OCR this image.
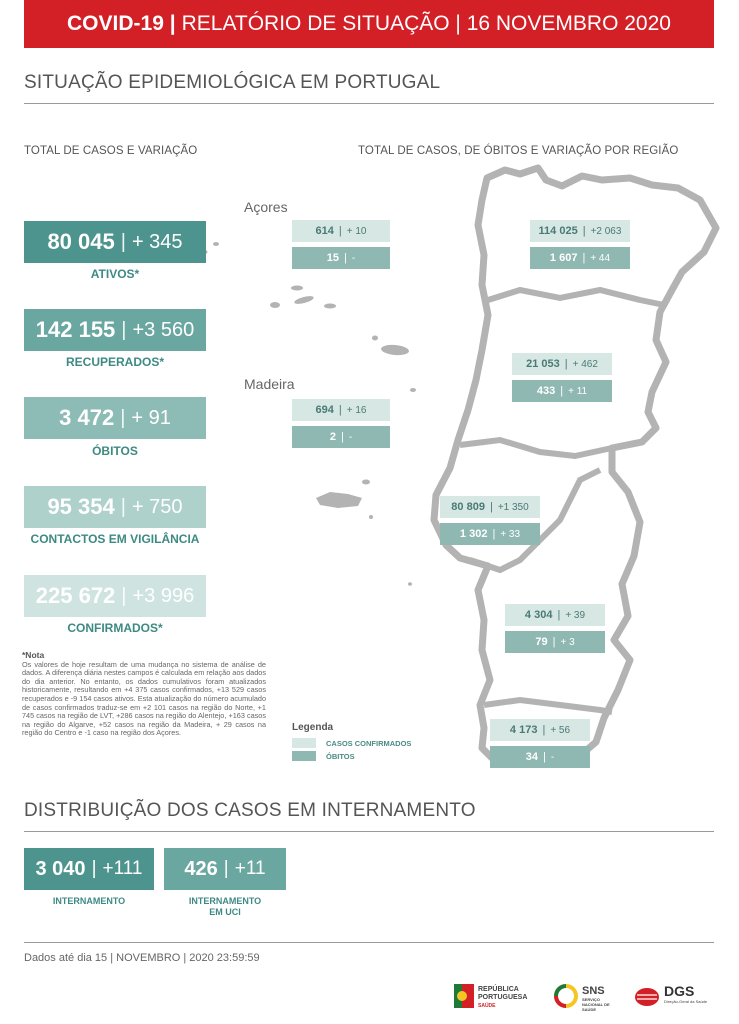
COVID-19 | RELATÓRIO DE SITUAÇÃO | 16 NOVEMBRO 2020
SITUAÇÃO EPIDEMIOLÓGICA EM PORTUGAL
TOTAL DE CASOS E VARIAÇÃO	TOTAL DE CASOS, DE ÓBITOS E VARIAÇÃO POR REGIÃO
80 045 | + 345
ATIVOS*
142 155 | +3 560
RECUPERADOS*
3 472 | + 91
ÓBITOS
95 354 | + 750
CONTACTOS EM VIGILÂNCIA
225 672 | +3 996
CONFIRMADOS*
*Nota
Os valores de hoje resultam de uma mudança no sistema de análise de dados. A diferença diária nestes campos é calculada em relação aos dados do dia anterior. No entanto, os dados cumulativos foram atualizados historicamente, resultando em +4 375 casos confirmados, +13 529 casos recuperados e -9 154 casos ativos. Esta atualização do número acumulado de casos confirmados traduz-se em +2 101 casos na região do Norte, +1 745 casos na região de LVT, +286 casos na região do Alentejo, +163 casos na região do Algarve, +52 casos na região da Madeira, + 29 casos na região do Centro e -1 caso na região dos Açores.
Açores
Madeira
614 | + 10
15 | -
694 | + 16
2 | -
114 025 | +2 063
1 607 | + 44
21 053 | + 462
433 | + 11
80 809 | +1 350
1 302 | + 33
4 304 | + 39
79 | + 3
4 173 | + 56
34 | -
Legenda
CASOS CONFIRMADOS
ÓBITOS
DISTRIBUIÇÃO DOS CASOS EM INTERNAMENTO
3 040 | +111
INTERNAMENTO
426 | +11
INTERNAMENTO
EM UCI
Dados até dia 15 | NOVEMBRO | 2020 23:59:59
REPÚBLICA
PORTUGUESA
SAÚDE
SNS
SERVIÇO NACIONAL DE SAÚDE
DGS
Direção-Geral da Saúde
